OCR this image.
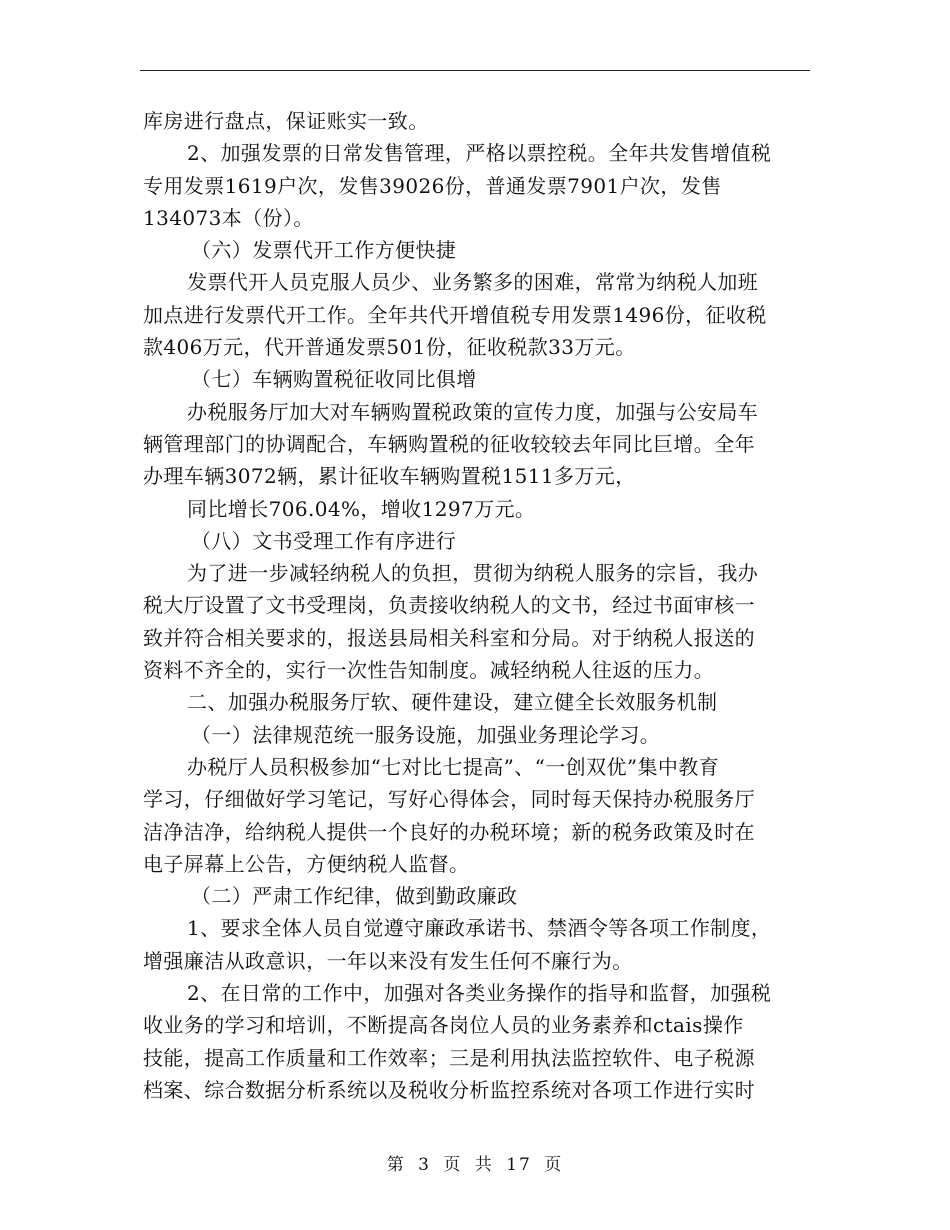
库房进行盘点，保证账实一致。
2、加强发票的日常发售管理，严格以票控税。全年共发售增值税
专用发票1619户次，发售39026份，普通发票7901户次，发售
134073本（份）。
（六）发票代开工作方便快捷
发票代开人员克服人员少、业务繁多的困难，常常为纳税人加班
加点进行发票代开工作。全年共代开增值税专用发票1496份，征收税
款406万元，代开普通发票501份，征收税款33万元。
（七）车辆购置税征收同比俱增
办税服务厅加大对车辆购置税政策的宣传力度，加强与公安局车
辆管理部门的协调配合，车辆购置税的征收较较去年同比巨增。全年
办理车辆3072辆，累计征收车辆购置税1511多万元，
同比增长706.04%，增收1297万元。
（八）文书受理工作有序进行
为了进一步减轻纳税人的负担，贯彻为纳税人服务的宗旨，我办
税大厅设置了文书受理岗，负责接收纳税人的文书，经过书面审核一
致并符合相关要求的，报送县局相关科室和分局。对于纳税人报送的
资料不齐全的，实行一次性告知制度。减轻纳税人往返的压力。
二、加强办税服务厅软、硬件建设，建立健全长效服务机制
（一）法律规范统一服务设施，加强业务理论学习。
办税厅人员积极参加“七对比七提高”、“一创双优”集中教育
学习，仔细做好学习笔记，写好心得体会，同时每天保持办税服务厅
洁净洁净，给纳税人提供一个良好的办税环境；新的税务政策及时在
电子屏幕上公告，方便纳税人监督。
（二）严肃工作纪律，做到勤政廉政
1、要求全体人员自觉遵守廉政承诺书、禁酒令等各项工作制度，
增强廉洁从政意识，一年以来没有发生任何不廉行为。
2、在日常的工作中，加强对各类业务操作的指导和监督，加强税
收业务的学习和培训，不断提高各岗位人员的业务素养和ctais操作
技能，提高工作质量和工作效率；三是利用执法监控软件、电子税源
档案、综合数据分析系统以及税收分析监控系统对各项工作进行实时
第 3 页 共 17 页
